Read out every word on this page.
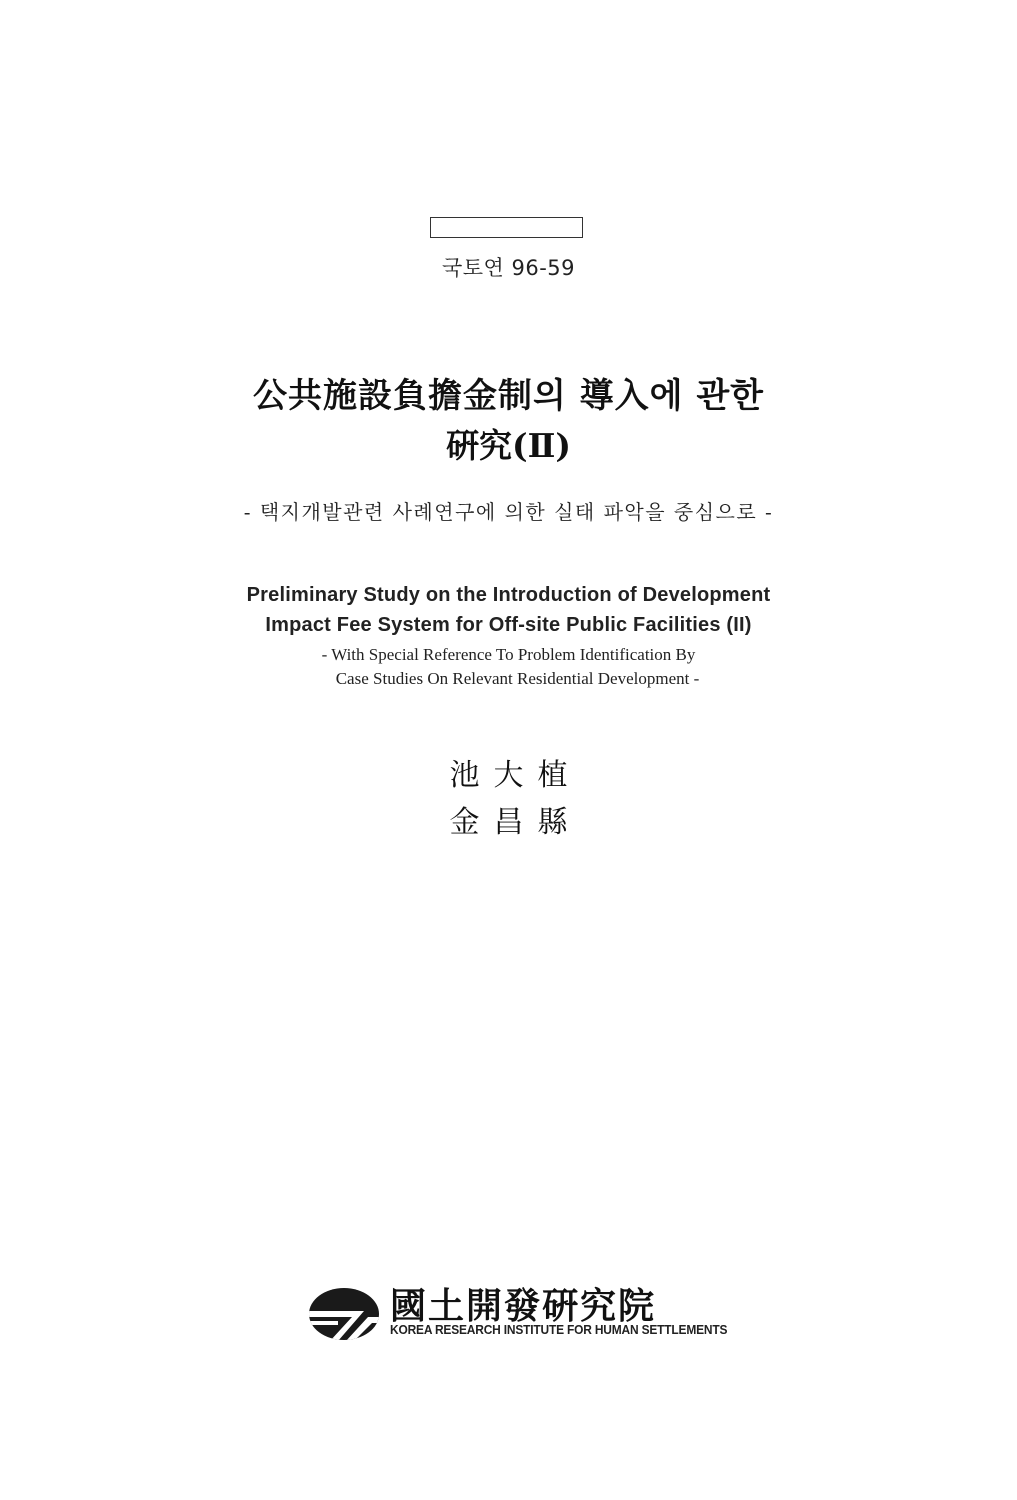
국토연 96-59
公共施設負擔金制의 導入에 관한
硏究(Ⅱ)
- 택지개발관련 사례연구에 의한 실태 파악을 중심으로 -
Preliminary Study on the Introduction of Development
Impact Fee System for Off-site Public Facilities (II)
- With Special Reference To Problem Identification By
Case Studies On Relevant Residential Development -
池大植
金昌縣
國土開發硏究院
KOREA RESEARCH INSTITUTE FOR HUMAN SETTLEMENTS
